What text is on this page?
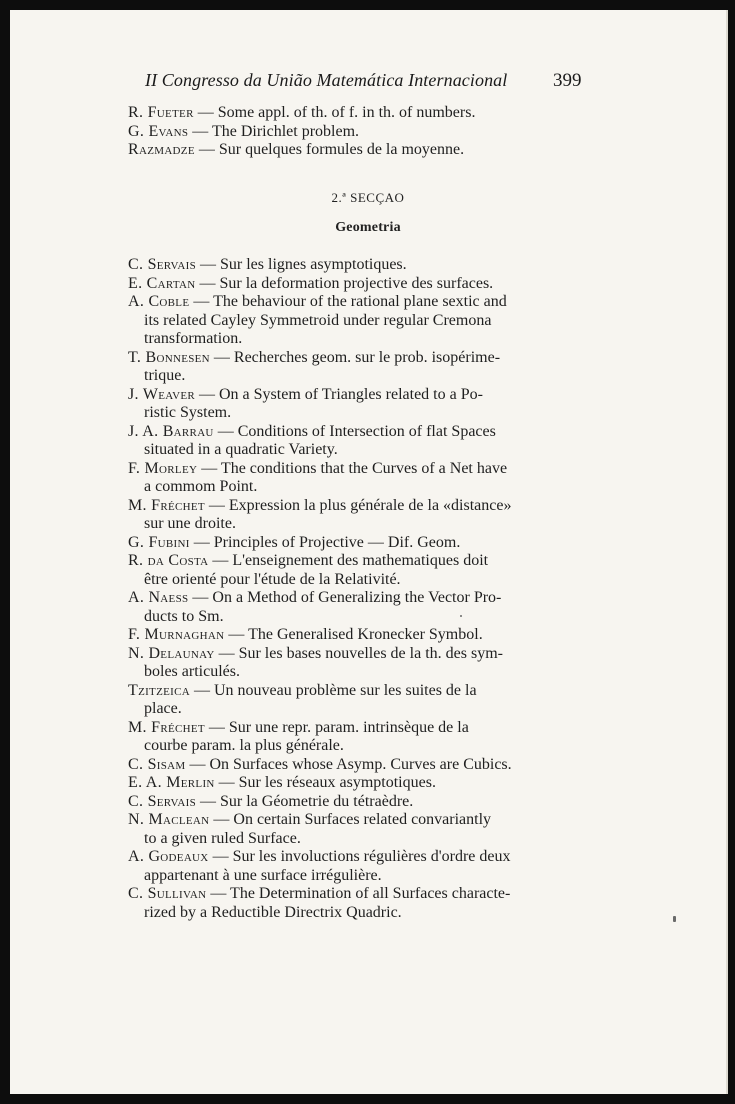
II Congresso da União Matemática Internacional 399
R. Fueter — Some appl. of th. of f. in th. of numbers.
G. Evans — The Dirichlet problem.
Razmadze — Sur quelques formules de la moyenne.
2.ª SECÇAO
Geometria
C. Servais — Sur les lignes asymptotiques.
E. Cartan — Sur la deformation projective des surfaces.
A. Coble — The behaviour of the rational plane sextic and
its related Cayley Symmetroid under regular Cremona
transformation.
T. Bonnesen — Recherches geom. sur le prob. isopérime-
trique.
J. Weaver — On a System of Triangles related to a Po-
ristic System.
J. A. Barrau — Conditions of Intersection of flat Spaces
situated in a quadratic Variety.
F. Morley — The conditions that the Curves of a Net have
a commom Point.
M. Fréchet — Expression la plus générale de la «distance»
sur une droite.
G. Fubini — Principles of Projective — Dif. Geom.
R. da Costa — L'enseignement des mathematiques doit
être orienté pour l'étude de la Relativité.
A. Naess — On a Method of Generalizing the Vector Pro-
ducts to Sm.
F. Murnaghan — The Generalised Kronecker Symbol.
N. Delaunay — Sur les bases nouvelles de la th. des sym-
boles articulés.
Tzitzeica — Un nouveau problème sur les suites de la
place.
M. Fréchet — Sur une repr. param. intrinsèque de la
courbe param. la plus générale.
C. Sisam — On Surfaces whose Asymp. Curves are Cubics.
E. A. Merlin — Sur les réseaux asymptotiques.
C. Servais — Sur la Géometrie du tétraèdre.
N. Maclean — On certain Surfaces related convariantly
to a given ruled Surface.
A. Godeaux — Sur les involuctions régulières d'ordre deux
appartenant à une surface irrégulière.
C. Sullivan — The Determination of all Surfaces characte-
rized by a Reductible Directrix Quadric.
